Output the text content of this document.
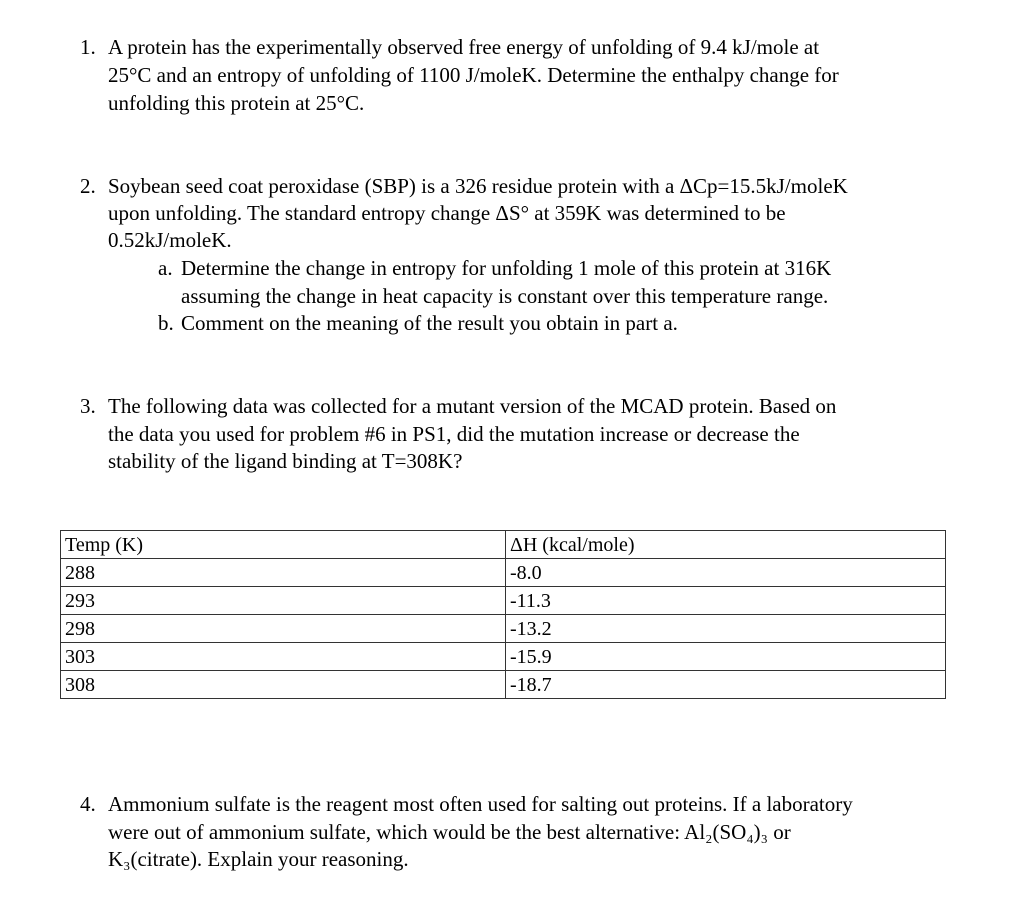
1. A protein has the experimentally observed free energy of unfolding of 9.4 kJ/mole at
25°C and an entropy of unfolding of 1100 J/moleK. Determine the enthalpy change for
unfolding this protein at 25°C.
2. Soybean seed coat peroxidase (SBP) is a 326 residue protein with a ΔCp=15.5kJ/moleK
upon unfolding. The standard entropy change ΔS° at 359K was determined to be
0.52kJ/moleK.
a. Determine the change in entropy for unfolding 1 mole of this protein at 316K
assuming the change in heat capacity is constant over this temperature range.
b. Comment on the meaning of the result you obtain in part a.
3. The following data was collected for a mutant version of the MCAD protein. Based on
the data you used for problem #6 in PS1, did the mutation increase or decrease the
stability of the ligand binding at T=308K?
Temp (K)	ΔH (kcal/mole)
288	-8.0
293	-11.3
298	-13.2
303	-15.9
308	-18.7
4. Ammonium sulfate is the reagent most often used for salting out proteins. If a laboratory
were out of ammonium sulfate, which would be the best alternative: Al₂(SO₄)₃ or
K₃(citrate). Explain your reasoning.
